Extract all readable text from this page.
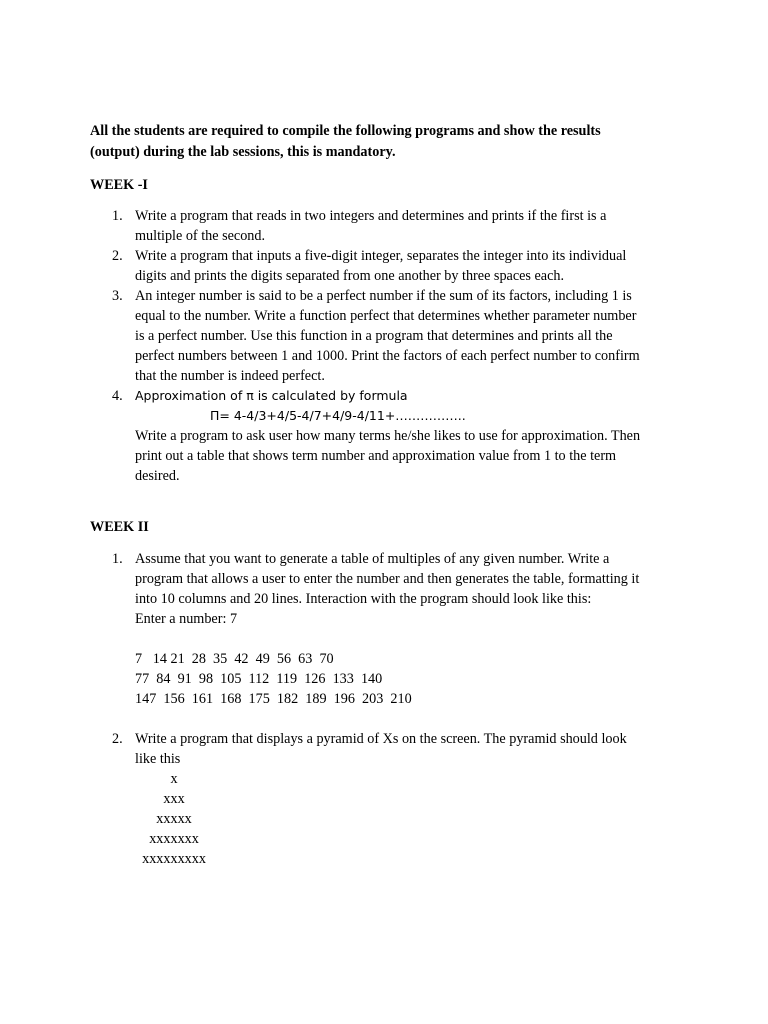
All the students are required to compile the following programs and show the results
(output) during the lab sessions, this is mandatory.
WEEK -I
1. Write a program that reads in two integers and determines and prints if the first is a
multiple of the second.
2. Write a program that inputs a five-digit integer, separates the integer into its individual
digits and prints the digits separated from one another by three spaces each.
3. An integer number is said to be a perfect number if the sum of its factors, including 1 is
equal to the number. Write a function perfect that determines whether parameter number
is a perfect number. Use this function in a program that determines and prints all the
perfect numbers between 1 and 1000. Print the factors of each perfect number to confirm
that the number is indeed perfect.
4. Approximation of π is calculated by formula
Π= 4-4/3+4/5-4/7+4/9-4/11+……………..
Write a program to ask user how many terms he/she likes to use for approximation. Then
print out a table that shows term number and approximation value from 1 to the term
desired.
WEEK II
1. Assume that you want to generate a table of multiples of any given number. Write a
program that allows a user to enter the number and then generates the table, formatting it
into 10 columns and 20 lines. Interaction with the program should look like this:
Enter a number: 7
7   14 21  28  35  42  49  56  63  70
77  84  91  98  105  112  119  126  133  140
147  156  161  168  175  182  189  196  203  210
2. Write a program that displays a pyramid of Xs on the screen. The pyramid should look
like this
x
xxx
xxxxx
xxxxxxx
xxxxxxxxx
